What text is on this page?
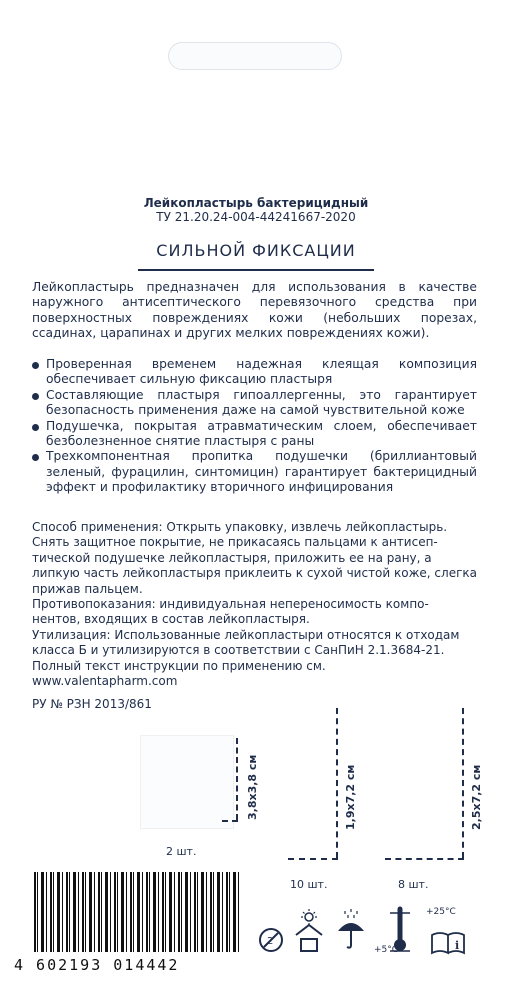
Лейкопластырь бактерицидный
ТУ 21.20.24-004-44241667-2020
СИЛЬНОЙ ФИКСАЦИИ
Лейкопластырь предназначен для использования в качестве наружного антисептического перевязочного средства при поверхностных повреждениях кожи (небольших порезах, ссадинах, царапинах и других мелких повреждениях кожи).
Проверенная временем надежная клеящая композиция обеспечивает сильную фиксацию пластыря
Составляющие пластыря гипоаллергенны, это гарантирует безопасность применения даже на самой чувствительной коже
Подушечка, покрытая атравматическим слоем, обеспечивает безболезненное снятие пластыря с раны
Трехкомпонентная пропитка подушечки (бриллиантовый зеленый, фурацилин, синтомицин) гарантирует бактерицидный эффект и профилактику вторичного инфицирования

Способ применения: Открыть упаковку, извлечь лейкопластырь. Снять защитное покрытие, не прикасаясь пальцами к антисеп-тической подушечке лейкопластыря, приложить ее на рану, а липкую часть лейкопластыря приклеить к сухой чистой коже, слегка прижав пальцем.

Противопоказания: индивидуальная непереносимость компо-нентов, входящих в состав лейкопластыря.

Утилизация: Использованные лейкопластыри относятся к отходам класса Б и утилизируются в соответствии с СанПиН 2.1.3684-21.

Полный текст инструкции по применению см.

www.valentapharm.com

РУ № РЗН 2013/861
3,8х3,8 см
2 шт.
1,9х7,2 см
10 шт.
2,5х7,2 см
8 шт.
4 602193 014442
2
+25°C
+5°C	i
